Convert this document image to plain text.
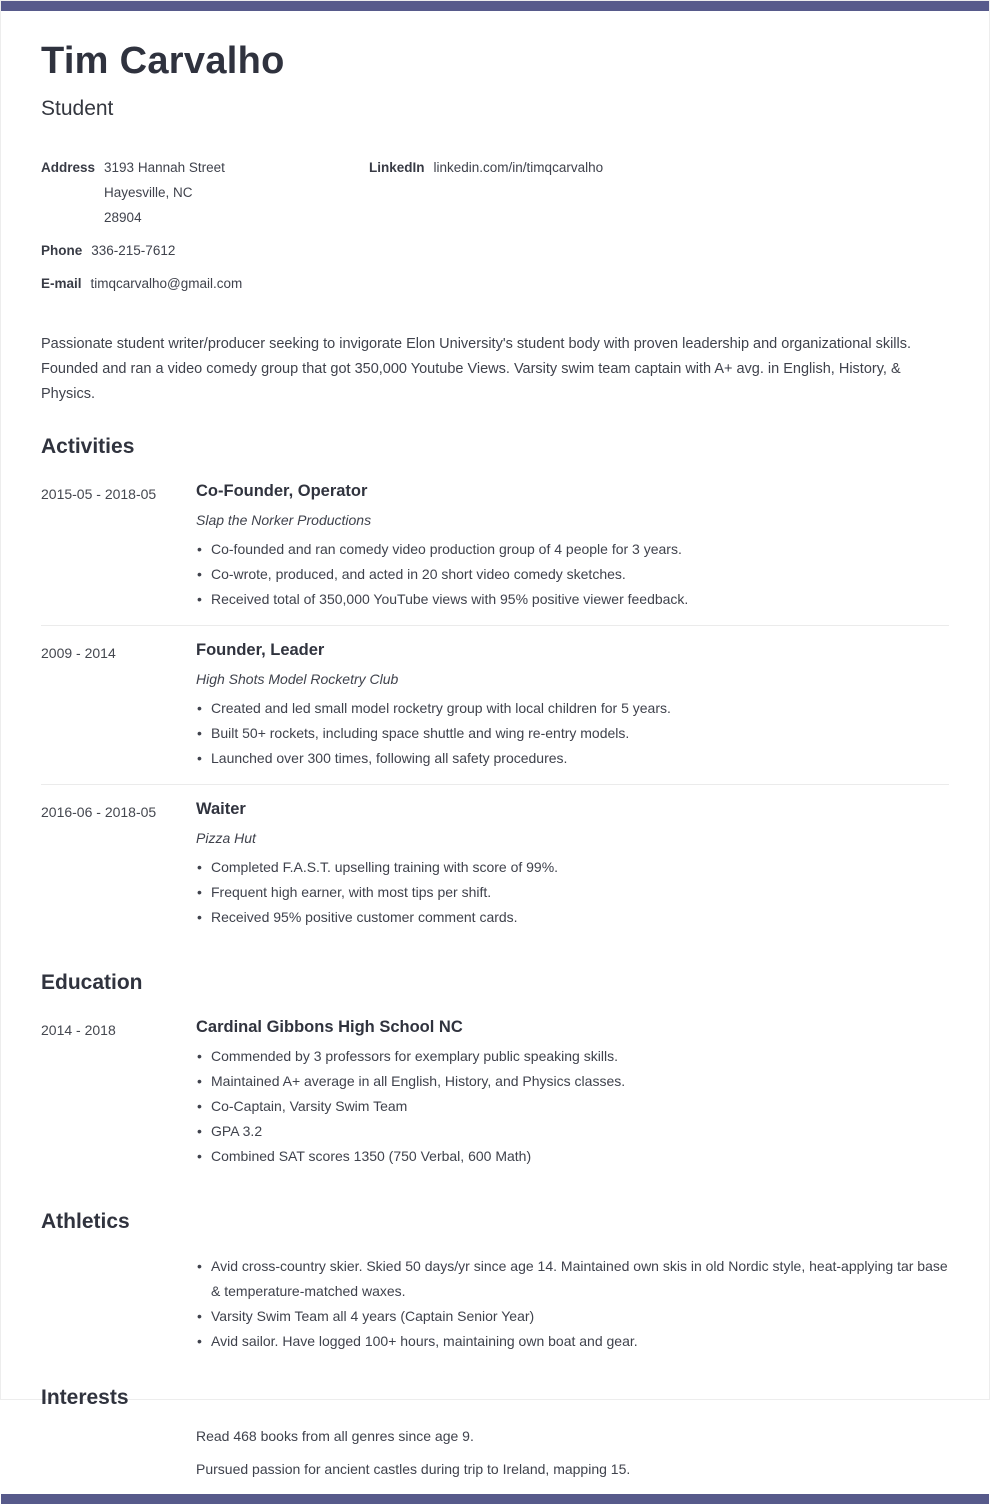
Tim Carvalho
Student
Address 3193 Hannah Street
Hayesville, NC
28904
LinkedIn linkedin.com/in/timqcarvalho
Phone 336-215-7612
E-mail timqcarvalho@gmail.com

Passionate student writer/producer seeking to invigorate Elon University's student body with proven leadership and organizational skills. Founded and ran a video comedy group that got 350,000 Youtube Views. Varsity swim team captain with A+ avg. in English, History, & Physics.

Activities
2015-05 - 2018-05	Co-Founder, Operator
Slap the Norker Productions
• Co-founded and ran comedy video production group of 4 people for 3 years.
• Co-wrote, produced, and acted in 20 short video comedy sketches.
• Received total of 350,000 YouTube views with 95% positive viewer feedback.
2009 - 2014	Founder, Leader
High Shots Model Rocketry Club
• Created and led small model rocketry group with local children for 5 years.
• Built 50+ rockets, including space shuttle and wing re-entry models.
• Launched over 300 times, following all safety procedures.
2016-06 - 2018-05	Waiter
Pizza Hut
• Completed F.A.S.T. upselling training with score of 99%.
• Frequent high earner, with most tips per shift.
• Received 95% positive customer comment cards.
Education
2014 - 2018	Cardinal Gibbons High School NC
• Commended by 3 professors for exemplary public speaking skills.
• Maintained A+ average in all English, History, and Physics classes.
• Co-Captain, Varsity Swim Team
• GPA 3.2
• Combined SAT scores 1350 (750 Verbal, 600 Math)
Athletics
• Avid cross-country skier. Skied 50 days/yr since age 14. Maintained own skis in old Nordic style, heat-applying tar base & temperature-matched waxes.
• Varsity Swim Team all 4 years (Captain Senior Year)
• Avid sailor. Have logged 100+ hours, maintaining own boat and gear.
Interests

Read 468 books from all genres since age 9.

Pursued passion for ancient castles during trip to Ireland, mapping 15.
